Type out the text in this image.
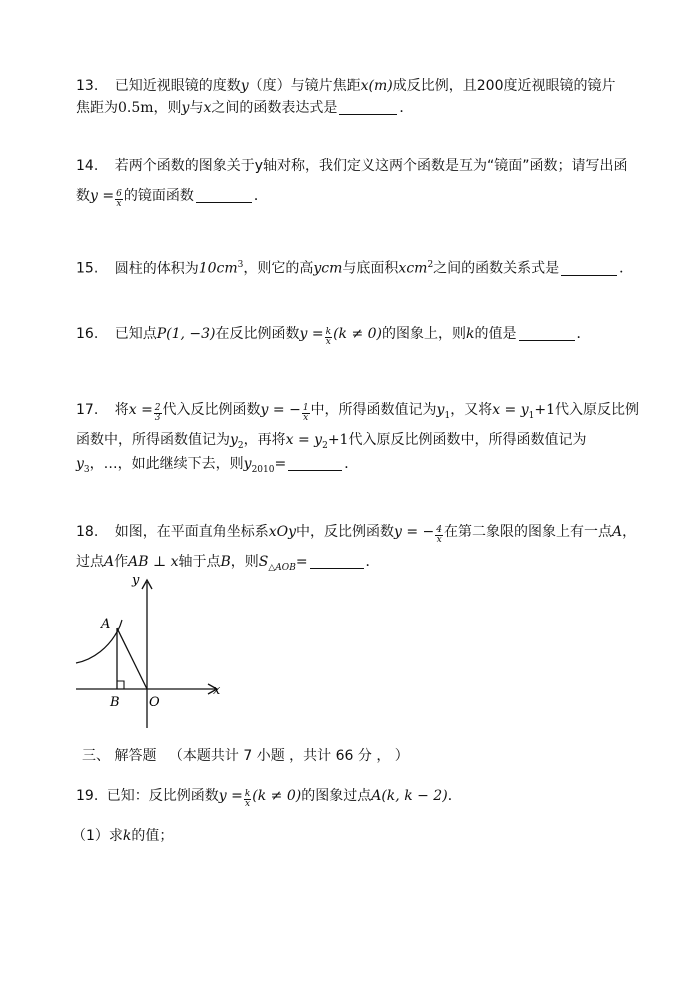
13. 已知近视眼镜的度数y（度）与镜片焦距x(m)成反比例，且200度近视眼镜的镜片
焦距为0.5m，则y与x之间的函数表达式是	．
14. 若两个函数的图象关于y轴对称，我们定义这两个函数是互为“镜面”函数；请写出函
数$y = \frac{6}{x}$ 的镜面函数	．
15. 圆柱的体积为$10cm^3$，则它的高ycm与底面积xcm$^2$之间的函数关系式是	．
16. 已知点P(1, −3)在反比例函数$y = \frac{k}{x} (k \ne 0)$的图象上，则k的值是	．
17. 将$x = \frac{2}{3}$ 代入反比例函数y = − $\frac{1}{x}$ 中，所得函数值记为$y_1$，又将$x = y_1+1$代入原反比例
函数中，所得函数值记为$y_2$，再将$x = y_2+1$代入原反比例函数中，所得函数值记为
$y_3$，…，如此继续下去，则$y_{2010}=$	．
18. 如图，在平面直角坐标系xOy中，反比例函数y = − $\frac{4}{x}$ 在第二象限的图象上有一点A，
过点A作AB ⊥ x轴于点B，则$S_{\triangle AOB}=$	．
y
x
A
B O
三、 解答题 （本题共计 7 小题 ，共计 66 分 ， ）
19. 已知：反比例函数$y = \frac{k}{x} (k \ne 0)$的图象过点A(k, k − 2)．
（1）求k的值；
